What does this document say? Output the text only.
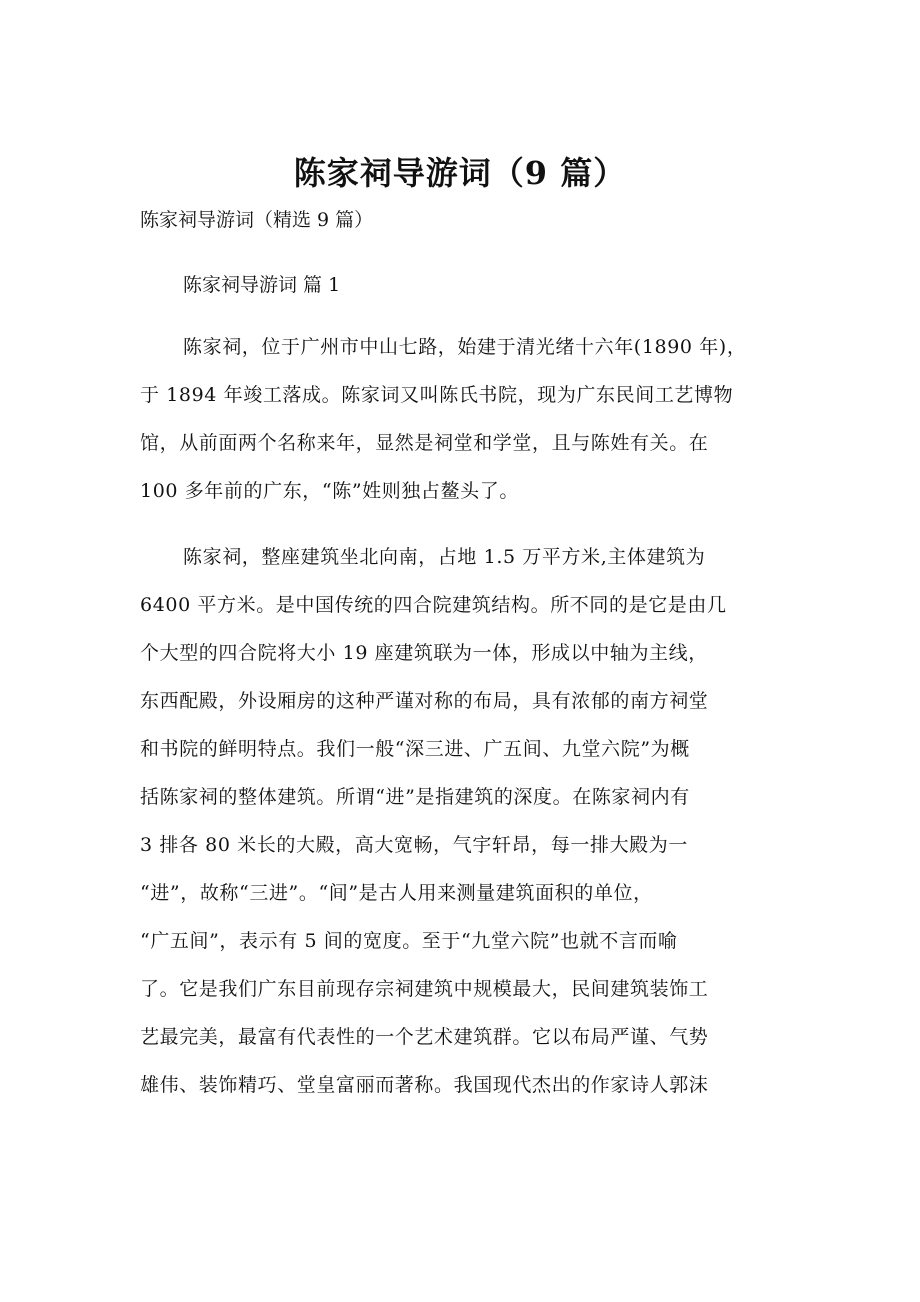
陈家祠导游词（9 篇）

陈家祠导游词（精选 9 篇）

陈家祠导游词 篇 1

陈家祠，位于广州市中山七路，始建于清光绪十六年(1890 年)，
于 1894 年竣工落成。陈家词又叫陈氏书院，现为广东民间工艺博物
馆，从前面两个名称来年，显然是祠堂和学堂，且与陈姓有关。在
100 多年前的广东，“陈”姓则独占鳌头了。
陈家祠，整座建筑坐北向南，占地 1.5 万平方米,主体建筑为
6400 平方米。是中国传统的四合院建筑结构。所不同的是它是由几
个大型的四合院将大小 19 座建筑联为一体，形成以中轴为主线，
东西配殿，外设厢房的这种严谨对称的布局，具有浓郁的南方祠堂
和书院的鲜明特点。我们一般“深三进、广五间、九堂六院”为概
括陈家祠的整体建筑。所谓“进”是指建筑的深度。在陈家祠内有
3 排各 80 米长的大殿，高大宽畅，气宇轩昂，每一排大殿为一
“进”，故称“三进”。“间”是古人用来测量建筑面积的单位，
“广五间”，表示有 5 间的宽度。至于“九堂六院”也就不言而喻
了。它是我们广东目前现存宗祠建筑中规模最大，民间建筑装饰工
艺最完美，最富有代表性的一个艺术建筑群。它以布局严谨、气势
雄伟、装饰精巧、堂皇富丽而著称。我国现代杰出的作家诗人郭沫
